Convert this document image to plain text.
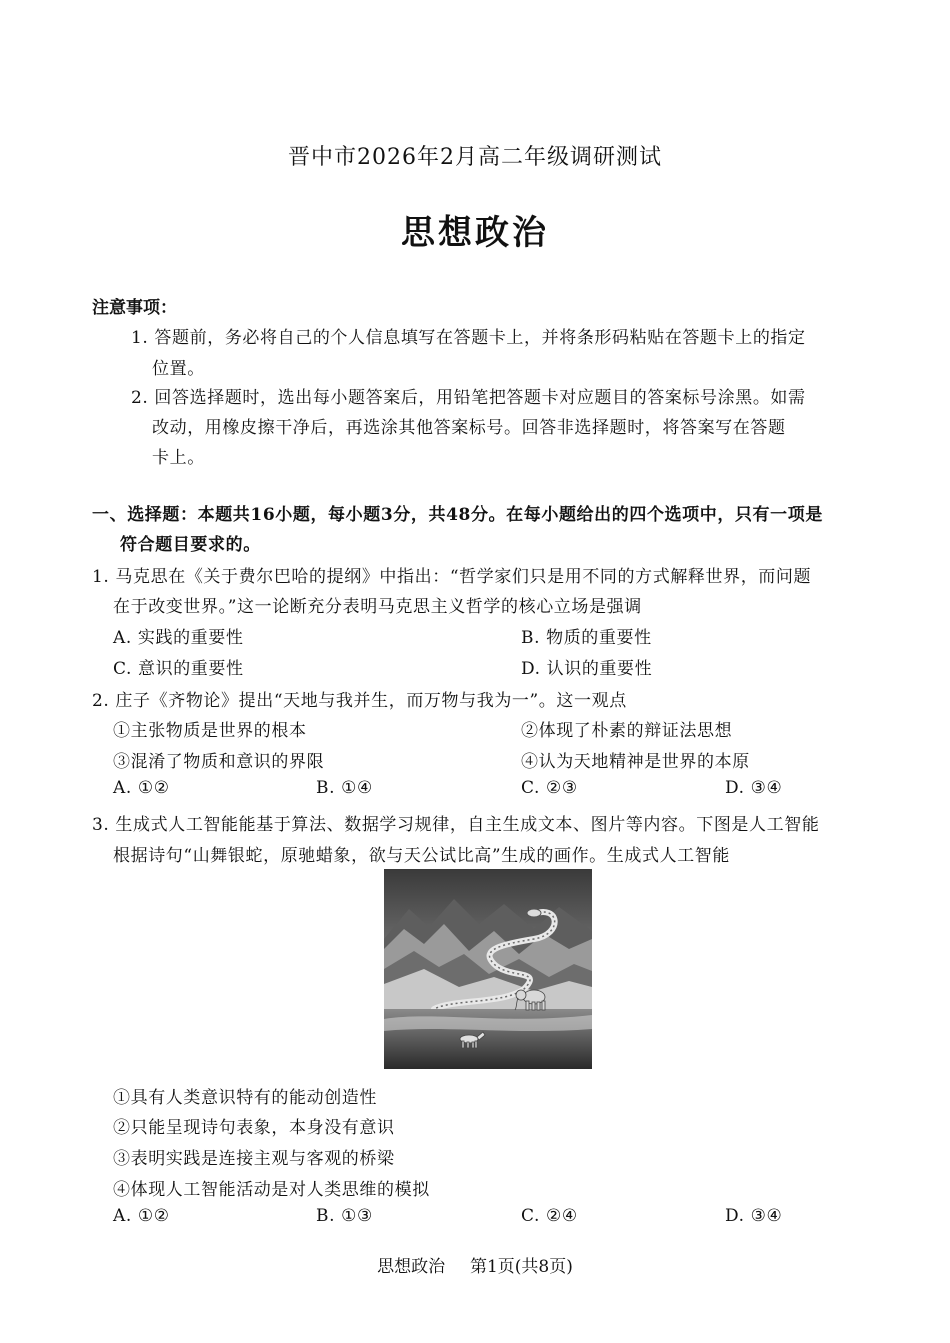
晋中市2026年2月高二年级调研测试
思想政治
注意事项：
1. 答题前，务必将自己的个人信息填写在答题卡上，并将条形码粘贴在答题卡上的指定
位置。
2. 回答选择题时，选出每小题答案后，用铅笔把答题卡对应题目的答案标号涂黑。如需
改动，用橡皮擦干净后，再选涂其他答案标号。回答非选择题时，将答案写在答题
卡上。
一、选择题：本题共16小题，每小题3分，共48分。在每小题给出的四个选项中，只有一项是
符合题目要求的。
1. 马克思在《关于费尔巴哈的提纲》中指出：“哲学家们只是用不同的方式解释世界，而问题
在于改变世界。”这一论断充分表明马克思主义哲学的核心立场是强调
A. 实践的重要性	B. 物质的重要性
C. 意识的重要性	D. 认识的重要性
2. 庄子《齐物论》提出“天地与我并生，而万物与我为一”。这一观点
①主张物质是世界的根本	②体现了朴素的辩证法思想
③混淆了物质和意识的界限	④认为天地精神是世界的本原
A. ①②	B. ①④	C. ②③	D. ③④
3. 生成式人工智能能基于算法、数据学习规律，自主生成文本、图片等内容。下图是人工智能
根据诗句“山舞银蛇，原驰蜡象，欲与天公试比高”生成的画作。生成式人工智能
①具有人类意识特有的能动创造性
②只能呈现诗句表象，本身没有意识
③表明实践是连接主观与客观的桥梁
④体现人工智能活动是对人类思维的模拟
A. ①②	B. ①③	C. ②④	D. ③④
思想政治 第1页(共8页)
